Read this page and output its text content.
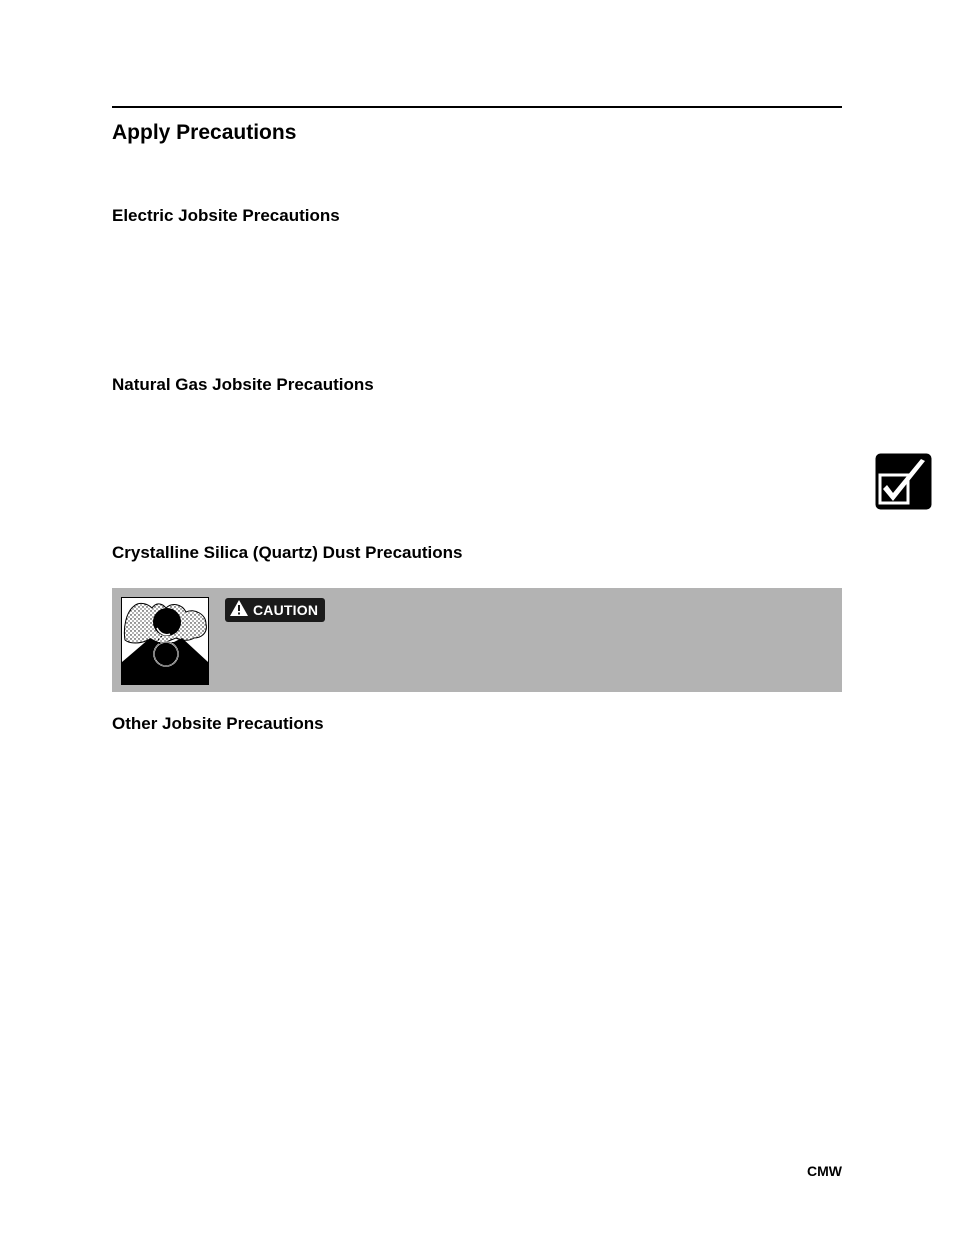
Apply Precautions
Electric Jobsite Precautions
Natural Gas Jobsite Precautions
Crystalline Silica (Quartz) Dust Precautions
CAUTION
Other Jobsite Precautions
CMW
